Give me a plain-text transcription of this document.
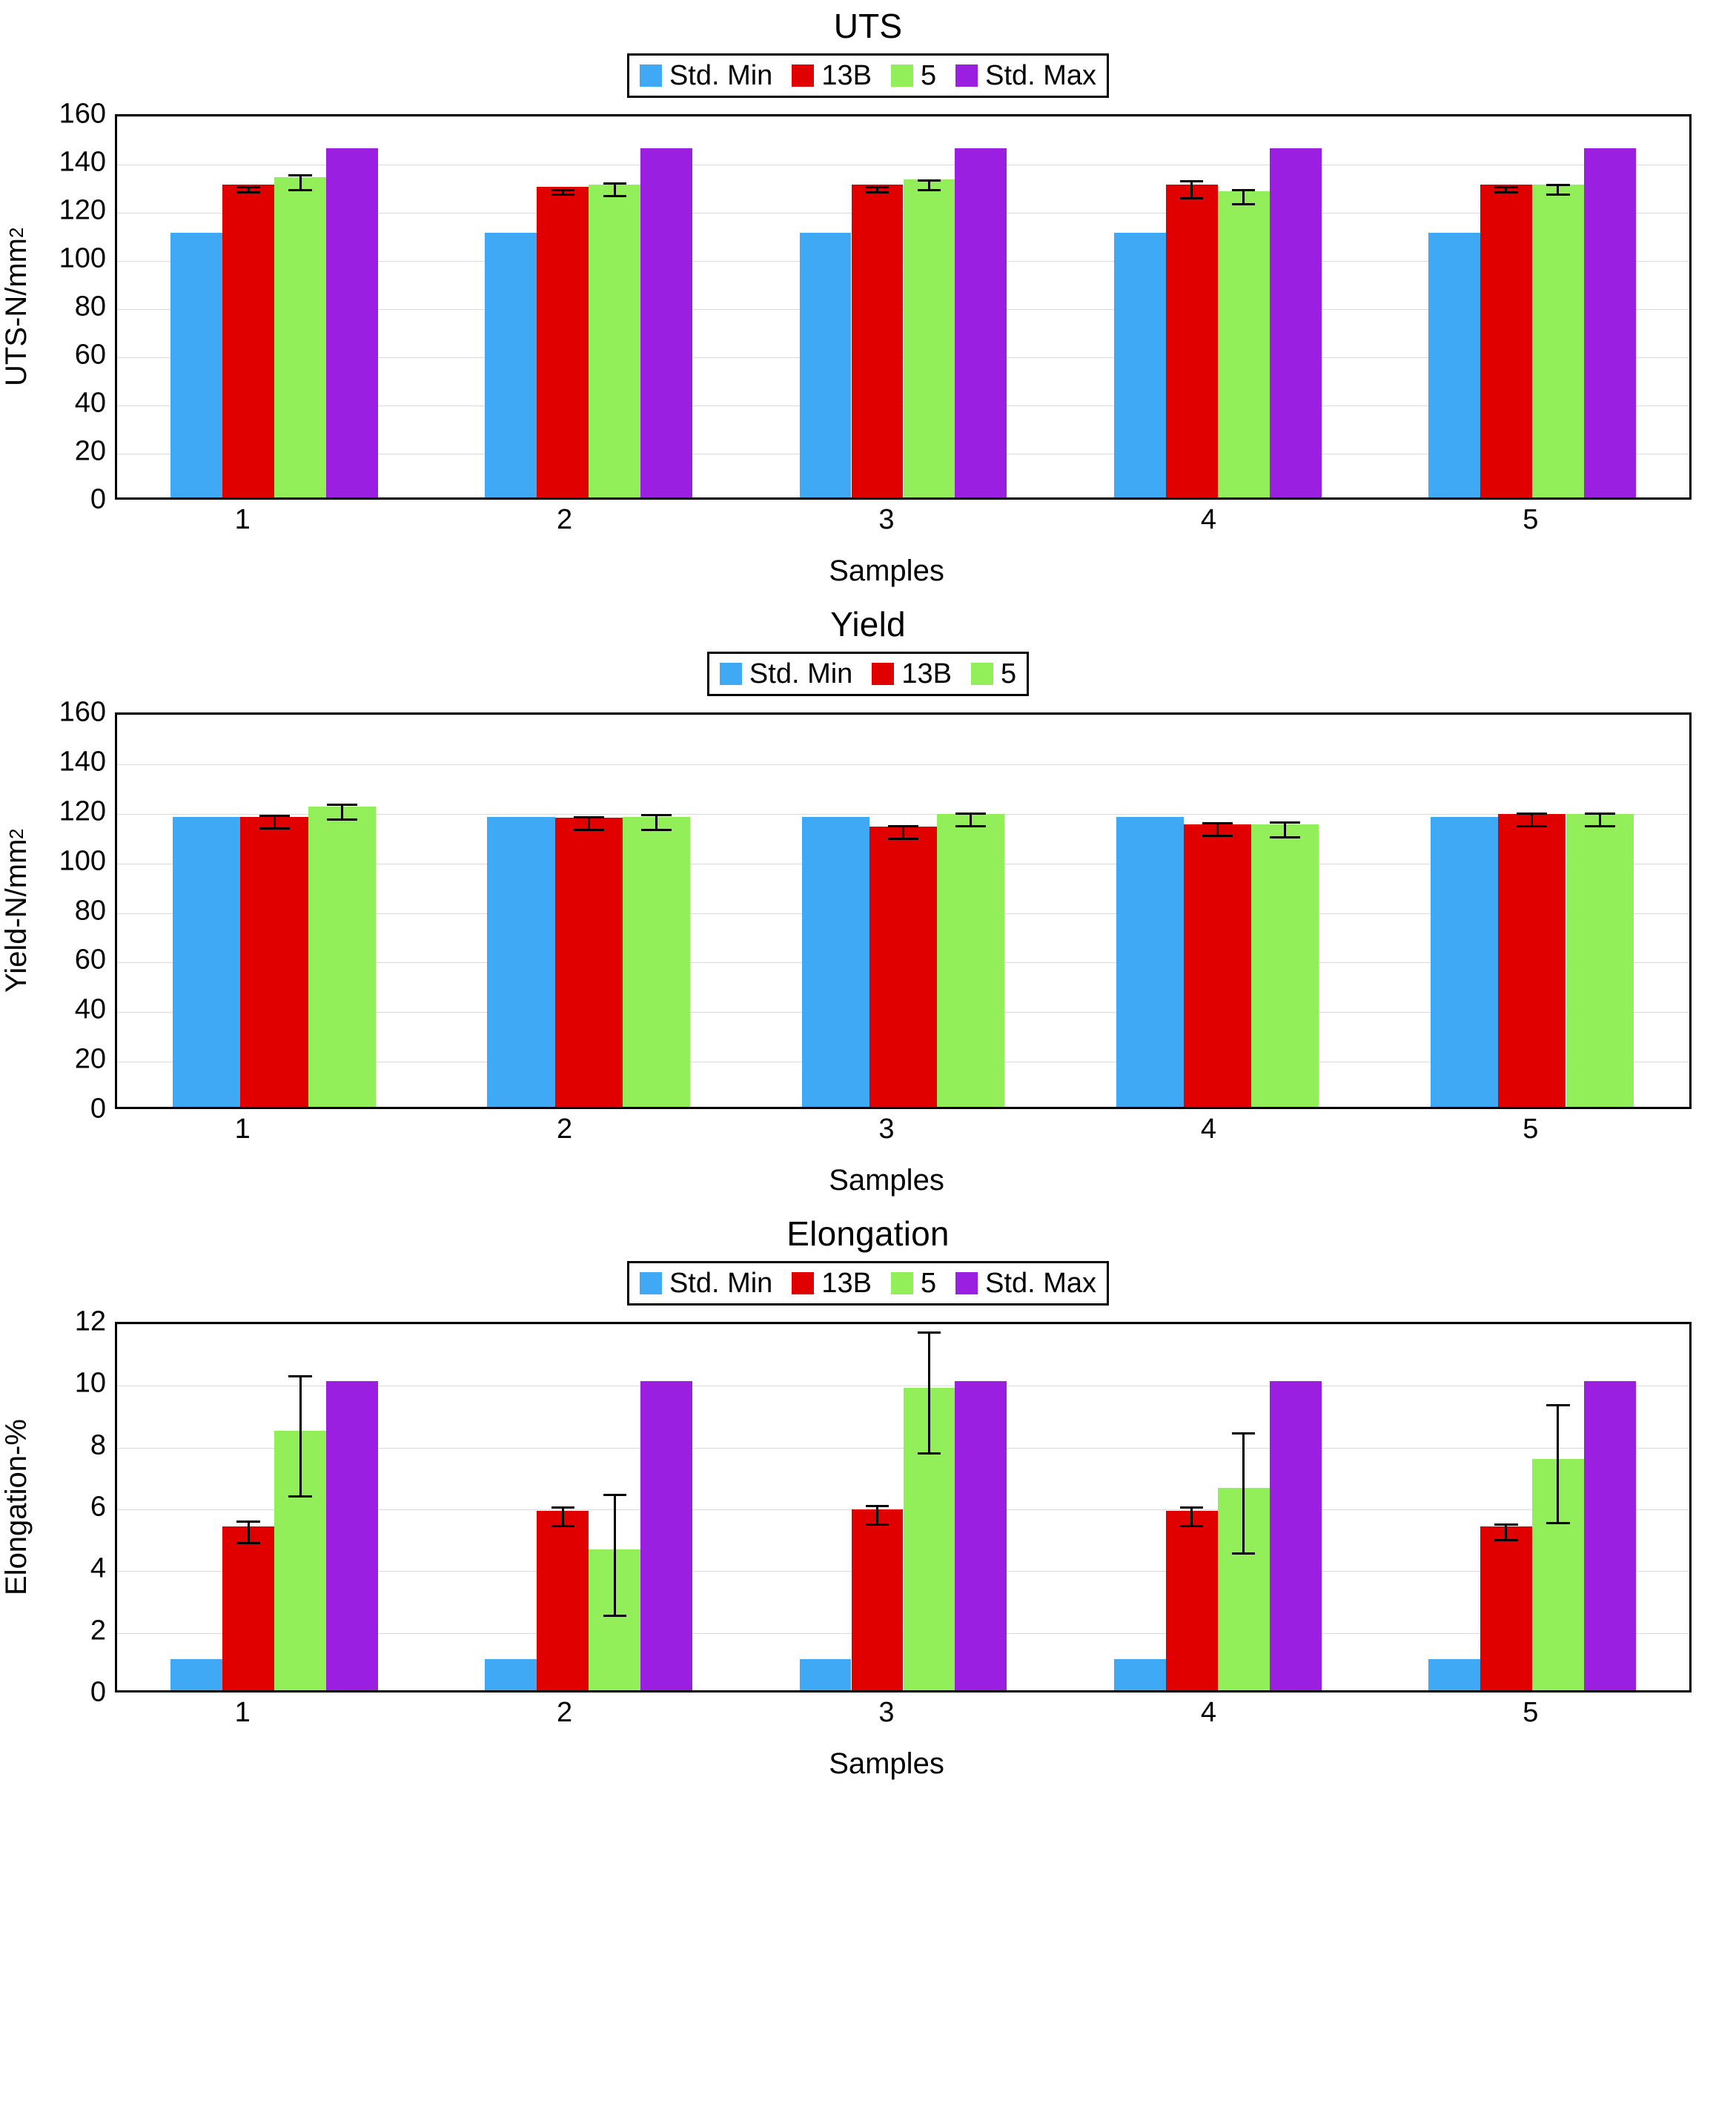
UTS
Std. Min 13B 5 Std. Max
UTS-N/mm
2
0
20
40
60
80
100
120
140
160
1	2	3	4	5
Samples
Yield
Std. Min 13B 5
Yield-N/mm
2
0
20
40
60
80
100
120
140
160
1	2	3	4	5
Samples
Elongation
Std. Min 13B 5 Std. Max
Elongation-%
0
2
4
6
8
10
12
1	2	3	4	5
Samples
